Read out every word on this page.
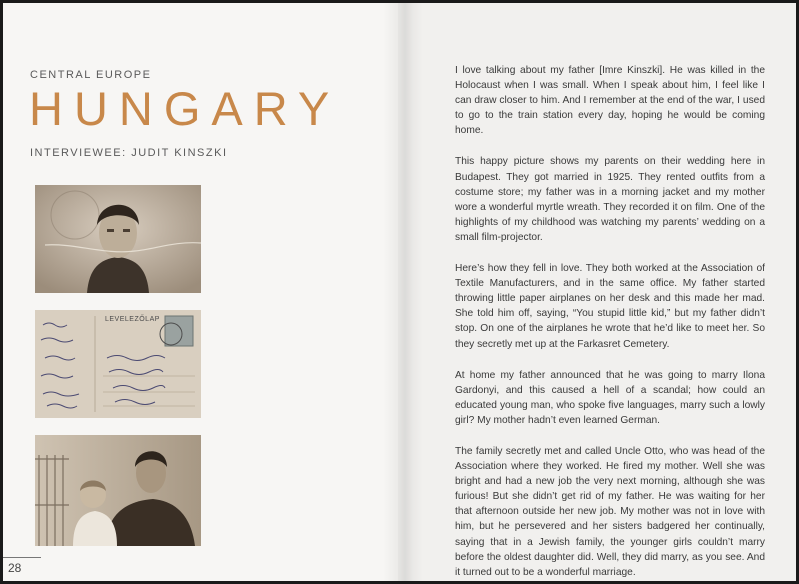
CENTRAL EUROPE
HUNGARY
INTERVIEWEE: JUDIT KINSZKI
LEVELEZŐLAP
28

I love talking about my father [Imre Kinszki]. He was killed in the Holocaust when I was small. When I speak about him, I feel like I can draw closer to him. And I remember at the end of the war, I used to go to the train station every day, hoping he would be coming home.

This happy picture shows my parents on their wedding here in Budapest. They got married in 1925. They rented outfits from a costume store; my father was in a morning jacket and my mother wore a wonderful myrtle wreath. They recorded it on film. One of the highlights of my childhood was watching my parents’ wedding on a small film-projector.

Here’s how they fell in love. They both worked at the Association of Textile Manufacturers, and in the same office. My father started throwing little paper airplanes on her desk and this made her mad. She told him off, saying, “You stupid little kid,” but my father didn’t stop. On one of the airplanes he wrote that he’d like to meet her. So they secretly met up at the Farkasret Cemetery.

At home my father announced that he was going to marry Ilona Gardonyi, and this caused a hell of a scandal; how could an educated young man, who spoke five languages, marry such a lowly girl? My mother hadn’t even learned German.

The family secretly met and called Uncle Otto, who was head of the Association where they worked. He fired my mother. Well she was bright and had a new job the very next morning, although she was furious! But she didn’t get rid of my father. He was waiting for her that afternoon outside her new job. My mother was not in love with him, but he persevered and her sisters badgered her continually, saying that in a Jewish family, the younger girls couldn’t marry before the oldest daughter did. Well, they did marry, as you see. And it turned out to be a wonderful marriage.
